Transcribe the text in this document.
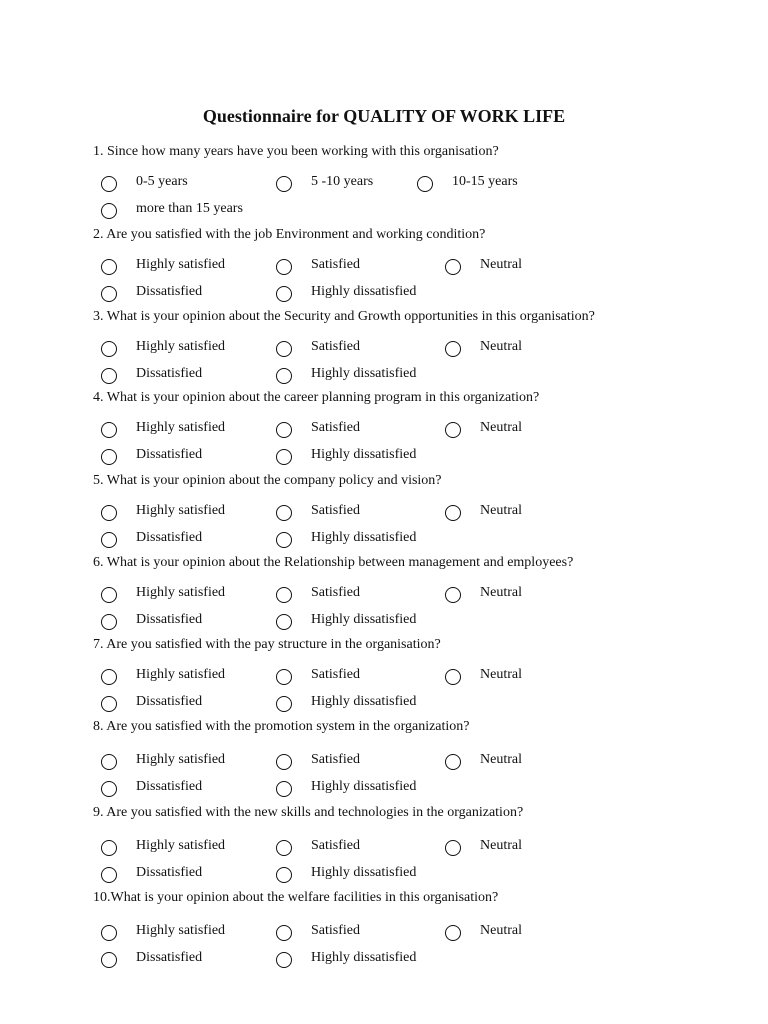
Questionnaire for QUALITY OF WORK LIFE
1. Since how many years have you been working with this organisation?
0-5 years	5 -10 years	10-15 years
more than 15 years
2. Are you satisfied with the job Environment and working condition?
Highly satisfied	Satisfied	Neutral
Dissatisfied	Highly dissatisfied
3. What is your opinion about the Security and Growth opportunities in this organisation?
Highly satisfied	Satisfied	Neutral
Dissatisfied	Highly dissatisfied
4. What is your opinion about the career planning program in this organization?
Highly satisfied	Satisfied	Neutral
Dissatisfied	Highly dissatisfied
5. What is your opinion about the company policy and vision?
Highly satisfied	Satisfied	Neutral
Dissatisfied	Highly dissatisfied
6. What is your opinion about the Relationship between management and employees?
Highly satisfied	Satisfied	Neutral
Dissatisfied	Highly dissatisfied
7. Are you satisfied with the pay structure in the organisation?
Highly satisfied	Satisfied	Neutral
Dissatisfied	Highly dissatisfied
8. Are you satisfied with the promotion system in the organization?
Highly satisfied	Satisfied	Neutral
Dissatisfied	Highly dissatisfied
9. Are you satisfied with the new skills and technologies in the organization?
Highly satisfied	Satisfied	Neutral
Dissatisfied	Highly dissatisfied
10.What is your opinion about the welfare facilities in this organisation?
Highly satisfied	Satisfied	Neutral
Dissatisfied	Highly dissatisfied
